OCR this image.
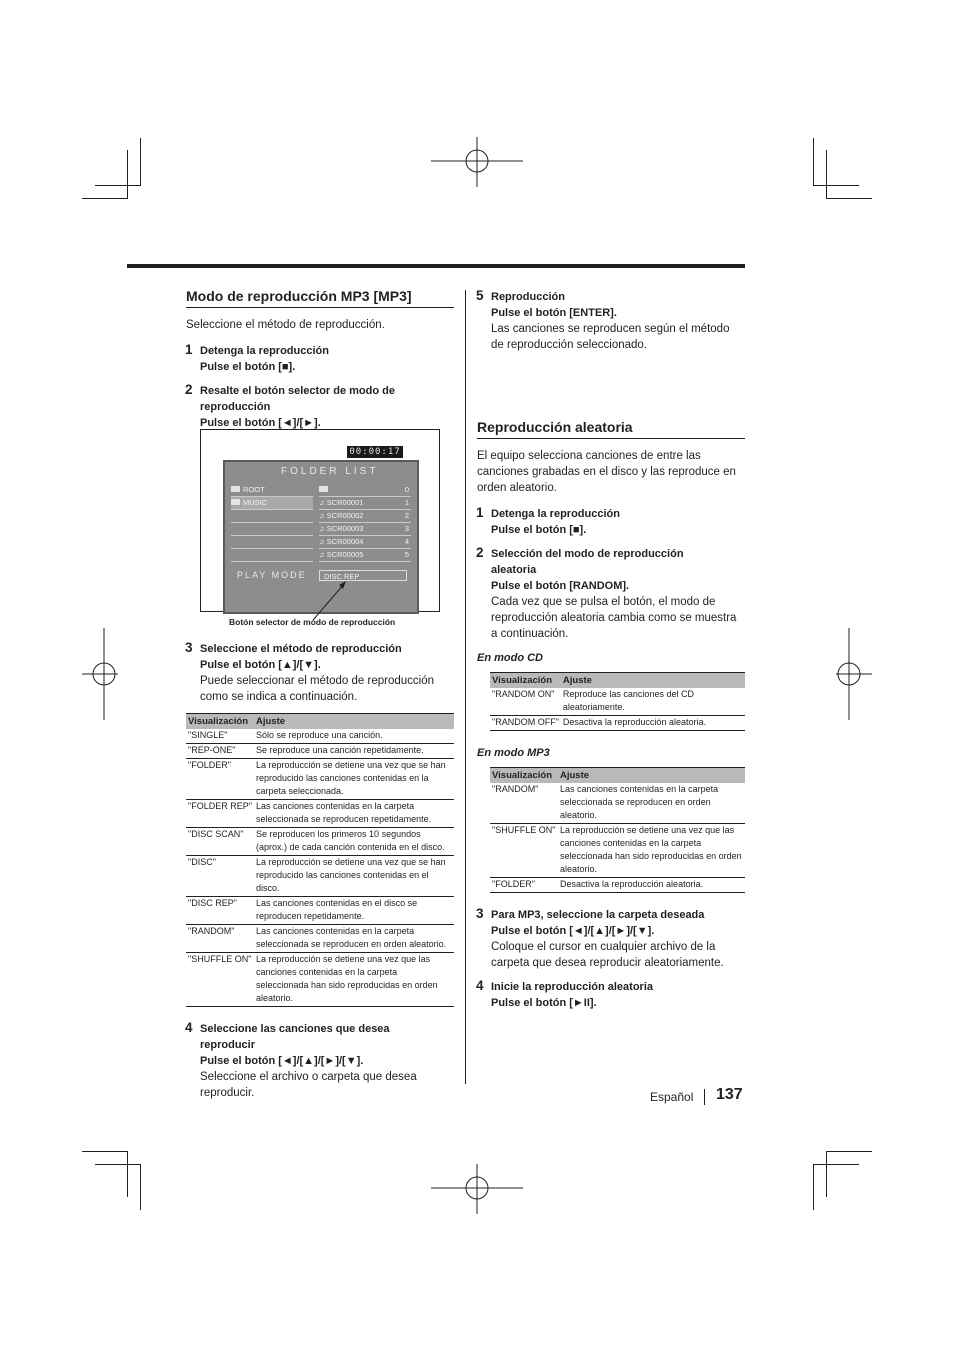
Modo de reproducción MP3 [MP3]
Seleccione el método de reproducción.
1 Detenga la reproducción
Pulse el botón [■].
2 Resalte el botón selector de modo de reproducción
Pulse el botón [◄]/[►].
00:00:17
FOLDER LIST
ROOT
MUSIC
0
♫ SCR00001	1
♫ SCR00002	2
♫ SCR00003	3
♫ SCR00004	4
♫ SCR00005	5
PLAY MODE	DISC REP
Botón selector de modo de reproducción
3 Seleccione el método de reproducción
Pulse el botón [▲]/[▼].
Puede seleccionar el método de reproducción como se indica a continuación.
Visualización	Ajuste
"SINGLE"	Sólo se reproduce una canción.
"REP-ONE"	Se reproduce una canción repetidamente.
"FOLDER"	La reproducción se detiene una vez que se han reproducido las canciones contenidas en la carpeta seleccionada.
"FOLDER REP"	Las canciones contenidas en la carpeta seleccionada se reproducen repetidamente.
"DISC SCAN"	Se reproducen los primeros 10 segundos (aprox.) de cada canción contenida en el disco.
"DISC"	La reproducción se detiene una vez que se han reproducido las canciones contenidas en el disco.
"DISC REP"	Las canciones contenidas en el disco se reproducen repetidamente.
"RANDOM"	Las canciones contenidas en la carpeta seleccionada se reproducen en orden aleatorio.
"SHUFFLE ON"	La reproducción se detiene una vez que las canciones contenidas en la carpeta seleccionada han sido reproducidas en orden aleatorio.
4 Seleccione las canciones que desea reproducir
Pulse el botón [◄]/[▲]/[►]/[▼].
Seleccione el archivo o carpeta que desea reproducir.
5 Reproducción
Pulse el botón [ENTER].
Las canciones se reproducen según el método de reproducción seleccionado.
Reproducción aleatoria
El equipo selecciona canciones de entre las canciones grabadas en el disco y las reproduce en orden aleatorio.
1 Detenga la reproducción
Pulse el botón [■].
2 Selección del modo de reproducción aleatoria
Pulse el botón [RANDOM].
Cada vez que se pulsa el botón, el modo de reproducción aleatoria cambia como se muestra a continuación.
En modo CD
Visualización	Ajuste
"RANDOM ON"	Reproduce las canciones del CD aleatoriamente.
"RANDOM OFF"	Desactiva la reproducción aleatoria.
En modo MP3
Visualización	Ajuste
"RANDOM"	Las canciones contenidas en la carpeta seleccionada se reproducen en orden aleatorio.
"SHUFFLE ON"	La reproducción se detiene una vez que las canciones contenidas en la carpeta seleccionada han sido reproducidas en orden aleatorio.
"FOLDER"	Desactiva la reproducción aleatoria.
3 Para MP3, seleccione la carpeta deseada
Pulse el botón [◄]/[▲]/[►]/[▼].
Coloque el cursor en cualquier archivo de la carpeta que desea reproducir aleatoriamente.
4 Inicie la reproducción aleatoria
Pulse el botón [►II].
Español 137
